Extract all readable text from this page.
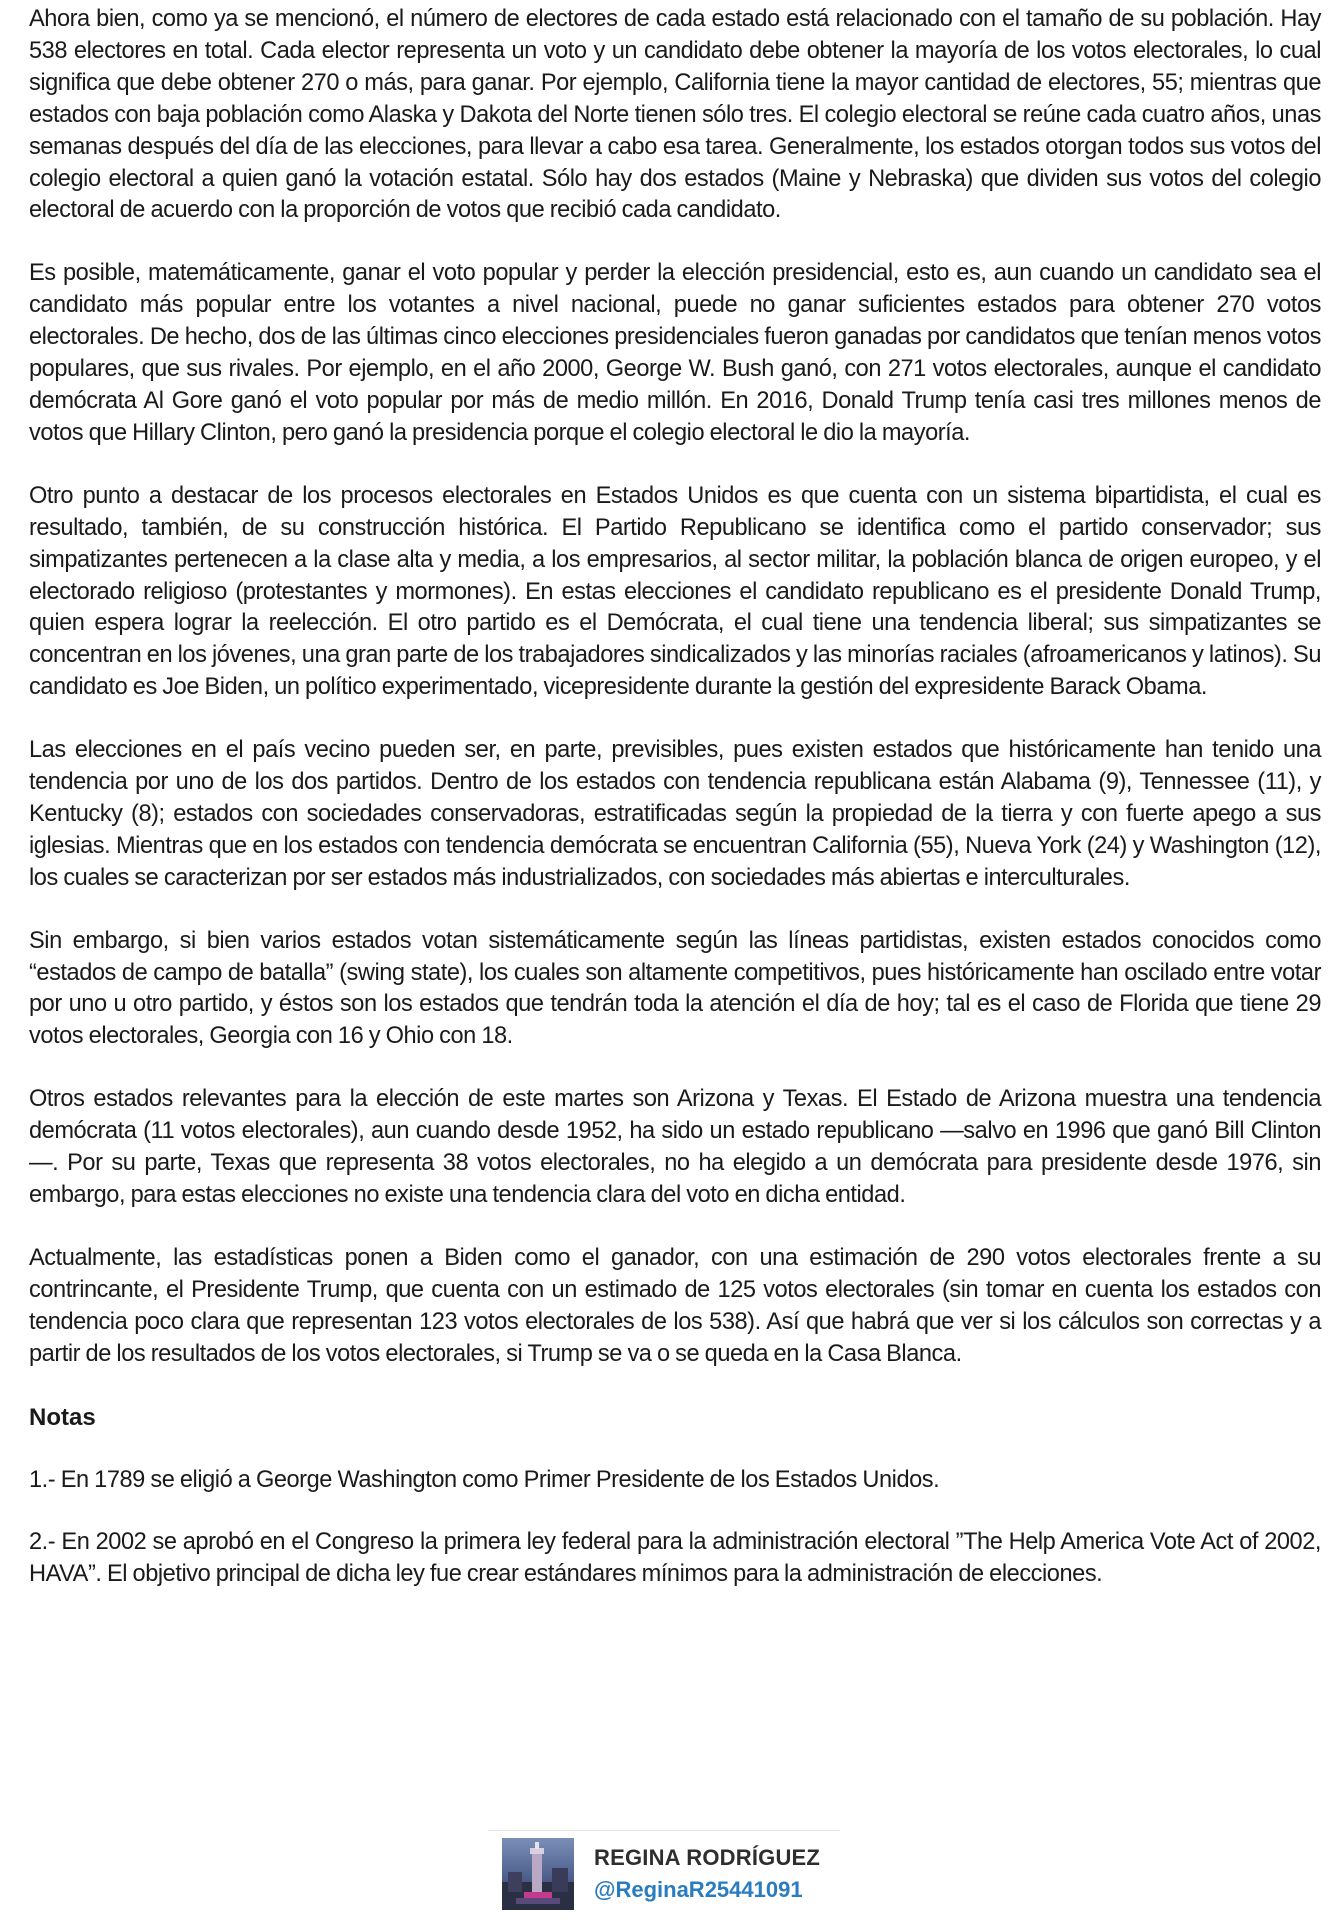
Ahora bien, como ya se mencionó, el número de electores de cada estado está relacionado con el tamaño de su población. Hay 538 electores en total. Cada elector representa un voto y un candidato debe obtener la mayoría de los votos electorales, lo cual significa que debe obtener 270 o más, para ganar. Por ejemplo, California tiene la mayor cantidad de electores, 55; mientras que estados con baja población como Alaska y Dakota del Norte tienen sólo tres. El colegio electoral se reúne cada cuatro años, unas semanas después del día de las elecciones, para llevar a cabo esa tarea. Generalmente, los estados otorgan todos sus votos del colegio electoral a quien ganó la votación estatal. Sólo hay dos estados (Maine y Nebraska) que dividen sus votos del colegio electoral de acuerdo con la proporción de votos que recibió cada candidato.

Es posible, matemáticamente, ganar el voto popular y perder la elección presidencial, esto es, aun cuando un candidato sea el candidato más popular entre los votantes a nivel nacional, puede no ganar suficientes estados para obtener 270 votos electorales. De hecho, dos de las últimas cinco elecciones presidenciales fueron ganadas por candidatos que tenían menos votos populares, que sus rivales. Por ejemplo, en el año 2000, George W. Bush ganó, con 271 votos electorales, aunque el candidato demócrata Al Gore ganó el voto popular por más de medio millón. En 2016, Donald Trump tenía casi tres millones menos de votos que Hillary Clinton, pero ganó la presidencia porque el colegio electoral le dio la mayoría.

Otro punto a destacar de los procesos electorales en Estados Unidos es que cuenta con un sistema bipartidista, el cual es resultado, también, de su construcción histórica. El Partido Republicano se identifica como el partido conservador; sus simpatizantes pertenecen a la clase alta y media, a los empresarios, al sector militar, la población blanca de origen europeo, y el electorado religioso (protestantes y mormones). En estas elecciones el candidato republicano es el presidente Donald Trump, quien espera lograr la reelección. El otro partido es el Demócrata, el cual tiene una tendencia liberal; sus simpatizantes se concentran en los jóvenes, una gran parte de los trabajadores sindicalizados y las minorías raciales (afroamericanos y latinos). Su candidato es Joe Biden, un político experimentado, vicepresidente durante la gestión del expresidente Barack Obama.

Las elecciones en el país vecino pueden ser, en parte, previsibles, pues existen estados que históricamente han tenido una tendencia por uno de los dos partidos. Dentro de los estados con tendencia republicana están Alabama (9), Tennessee (11), y Kentucky (8); estados con sociedades conservadoras, estratificadas según la propiedad de la tierra y con fuerte apego a sus iglesias. Mientras que en los estados con tendencia demócrata se encuentran California (55), Nueva York (24) y Washington (12), los cuales se caracterizan por ser estados más industrializados, con sociedades más abiertas e interculturales.

Sin embargo, si bien varios estados votan sistemáticamente según las líneas partidistas, existen estados conocidos como “estados de campo de batalla” (swing state), los cuales son altamente competitivos, pues históricamente han oscilado entre votar por uno u otro partido, y éstos son los estados que tendrán toda la atención el día de hoy; tal es el caso de Florida que tiene 29 votos electorales, Georgia con 16 y Ohio con 18.

Otros estados relevantes para la elección de este martes son Arizona y Texas. El Estado de Arizona muestra una tendencia demócrata (11 votos electorales), aun cuando desde 1952, ha sido un estado republicano —salvo en 1996 que ganó Bill Clinton—. Por su parte, Texas que representa 38 votos electorales, no ha elegido a un demócrata para presidente desde 1976, sin embargo, para estas elecciones no existe una tendencia clara del voto en dicha entidad.

Actualmente, las estadísticas ponen a Biden como el ganador, con una estimación de 290 votos electorales frente a su contrincante, el Presidente Trump, que cuenta con un estimado de 125 votos electorales (sin tomar en cuenta los estados con tendencia poco clara que representan 123 votos electorales de los 538). Así que habrá que ver si los cálculos son correctas y a partir de los resultados de los votos electorales, si Trump se va o se queda en la Casa Blanca.

Notas

1.- En 1789 se eligió a George Washington como Primer Presidente de los Estados Unidos.

2.- En 2002 se aprobó en el Congreso la primera ley federal para la administración electoral ”The Help America Vote Act of 2002, HAVA”. El objetivo principal de dicha ley fue crear estándares mínimos para la administración de elecciones.

REGINA RODRÍGUEZ
@ReginaR25441091
